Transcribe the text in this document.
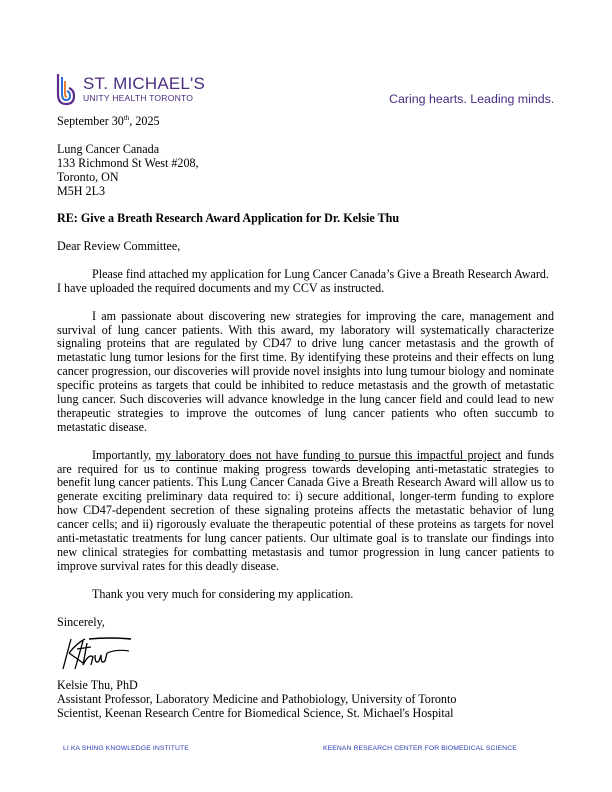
ST. MICHAEL'S
UNITY HEALTH TORONTO	Caring hearts. Leading minds.

September 30th, 2025

Lung Cancer Canada

133 Richmond St West #208,

Toronto, ON

M5H 2L3

RE: Give a Breath Research Award Application for Dr. Kelsie Thu

Dear Review Committee,

Please find attached my application for Lung Cancer Canada’s Give a Breath Research Award. I have uploaded the required documents and my CCV as instructed.

I am passionate about discovering new strategies for improving the care, management and survival of lung cancer patients. With this award, my laboratory will systematically characterize signaling proteins that are regulated by CD47 to drive lung cancer metastasis and the growth of metastatic lung tumor lesions for the first time. By identifying these proteins and their effects on lung cancer progression, our discoveries will provide novel insights into lung tumour biology and nominate specific proteins as targets that could be inhibited to reduce metastasis and the growth of metastatic lung cancer. Such discoveries will advance knowledge in the lung cancer field and could lead to new therapeutic strategies to improve the outcomes of lung cancer patients who often succumb to metastatic disease.

Importantly, my laboratory does not have funding to pursue this impactful project and funds are required for us to continue making progress towards developing anti-metastatic strategies to benefit lung cancer patients. This Lung Cancer Canada Give a Breath Research Award will allow us to generate exciting preliminary data required to: i) secure additional, longer-term funding to explore how CD47-dependent secretion of these signaling proteins affects the metastatic behavior of lung cancer cells; and ii) rigorously evaluate the therapeutic potential of these proteins as targets for novel anti-metastatic treatments for lung cancer patients. Our ultimate goal is to translate our findings into new clinical strategies for combatting metastasis and tumor progression in lung cancer patients to improve survival rates for this deadly disease.

Thank you very much for considering my application.

Sincerely,

Kelsie Thu, PhD

Assistant Professor, Laboratory Medicine and Pathobiology, University of Toronto

Scientist, Keenan Research Centre for Biomedical Science, St. Michael's Hospital

LI KA SHING KNOWLEDGE INSTITUTE	KEENAN RESEARCH CENTER FOR BIOMEDICAL SCIENCE
